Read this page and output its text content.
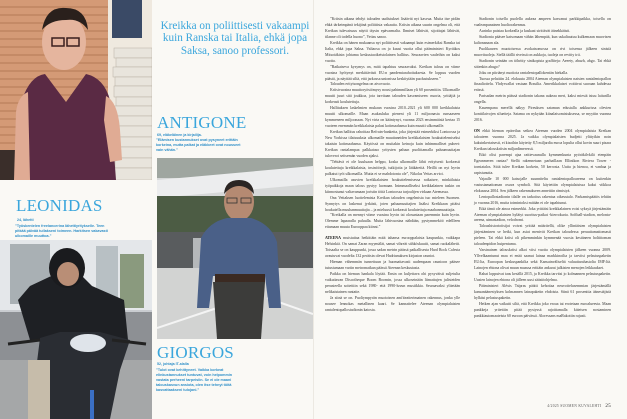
LEONIDAS
24, lähetti
”Työskentelen freelancerina lähettiyritykselle. Teen pitkää päivää tullakseni toimeen. Harkitsen vakavasti ulkomaille muuttoa.”
Kreikka on poliittisesti vakaampi kuin Ranska tai Italia, ehkä jopa Saksa, sanoo professori.
ANTIGONE
69, eläkeläinen ja kirjailija.
”Elämisen kustannukset ovat pysyneet erittäin korkeina, mutta palkat ja eläkkeet ovat nousseet vain vähän.”
GIORGOS
52, johtaja IT-alalla
”Tulot ovat kehittyneet. Vaikka korkeat elinkustannukset tuntuvat, voin helpommin vastata perheeni tarpeisiin. Se ei ole maani talouskasvun ansiota, olen itse tehnyt töitä kasvattaakseni tulojani.”

”Kriisin aikana tehdyt talouden uudistukset lisäävät nyt kasvua. Mutta itse pidän ehkä tärkeimpänä tekijänä poliittista vakautta. Kriisin aikana suurin ongelma oli, että Kreikan tulevaisuus näytti täysin epävarmalta. Ihmiset lähtivät, sijoittajat lähtivät, tilanne oli todella huono”, Vettas sanoo.

Kreikka on hänen mukaansa nyt poliittisesti vakaampi kuin esimerkiksi Ranska tai Italia, ehkä jopa Saksa. Valtaosa on jo kuusi vuotta ollut pääministeri Kyriákos Mitsotákisin johtama keskustaoikeistolainen hallitus. Seuraavien vaaleihin on kaksi vuotta.

”Ratkaiseva kysymys on, mitä tapahtuu seuraavaksi. Kreikan talous on viime vuosina hyötynyt merkittävästi EU:n pandemiarahoituksesta. Se loppuu vuoden päästä, ja näyttää siltä, että jarkossa unionissa keskitytään puolustukseen.”

Talouden erityisongelma on aivovuoto.

Kriisivuosina muuttoryöstömysy nousi pahimmillaan yli 60 prosenttiin. Ulkomaille muutti juuri sitä joukkoa, jota tarvitaan talouden kasvamiseen: nuoria, yrittäjiä ja korkeasti koulutettuja.

Hallituksen laskelmien mukaan vuosina 2010–2021 yli 600 000 kreikkalaista muutti ulkomaille. Maan asukasluku pieneni yli 11 miljoonasta runsaaseen kymmeneen miljoonaan. Nyt virta on kääntynyt, vuonna 2023 ensimmäistä kertaa 15 vuoteen enemmän kreikkalaisia palasi kotimaahansa kuin muutti ulkomaille.

Kreikan hallitus rahoittaa Refrain-hanketta, joka järjestää esimerkiksi Lontoossa ja New Yorkissa tilaisuuksia ulkomaille muuttaneiden kreikkalaisten houkuttelemiseksi takaisin kotimaahansa. Käytössä on muitakin keinoja kuin inhimmalliset puheet: Kreikan rantalampaa palkkataso yritysten paluun puolittamalla paluumuuttajan tuloverot seitsemän vuoden ajaksi.

”Tehtävä ei ole kuuluaan helppo, koska ulkomaille lähti erityisesti korkeasti koulutettuja kreikkalaisia, insinöörejä, tutkijoita ja lääkäreitä. Heillä on nyt hyvin palkatut työt ulkomailla. Mutta ei se mahdotonta ole”, Nikolas Vettas arvioi.

Ulkomailla asuvien kreikkalaisten houkuttelemisessa ratkaisee, minkälaisia työpaikkoja maan talous pystyy luomaan. Inimmaalliseksi kreikkalainen tuskin on kiinnostunut valtavamaan joristin töitä Lontoossa tarjoaltjen virkaan Ateenassa.

Ona Vettaksen luottelemista Kreikan talouden ongelmista tuo mieleen Suomen. Synnytys on laskenut jyrkästi, joten paluumuuttajien lisäksi Kreikkaan pitäisi houkutella muuhanmuuttajia – ja mieluusti korkeasti koulutettuja maahanmuuttajia.

”Kreikalla on mennyt viime vuosina hyvin tai olosuntaan paremmin kuin hyvin. Olemme lapaaralla paluulla. Mutta lähivuosina nähdään, pystymmeköö edellleen eitamaan muuta Eurooppaa kiinni.”

ATEENA muistuttaa hetkittäin mitä tahansa eurooppalaista kaupunkia, vaikkapa Helsinkiä. On samat Zaran myymälät, samat vihreät sähköskuutit, samat ruokalähetit. Toisaalta se on kauppunki, jossa sadan metrin päässä paikallisesta Hard Rock Cafesta avautuvat vuodelta 132 peräisin olevat Hadrianuksen kirjaston rauniot.

Hieman vähemmän tunnettuun ja huomattavasti uudempaan raunioon pääsee tutustumaan vartin metromatkan päässä Ateenan keskustasta.

Paikka on hieman hankala löytää. Ensin on kuljettava ohi pysyväisti suljetulta vaikuttavan Discotheque Boom Boomin, jossa ulkoseinään liimattujen julisteiden perusteella soitettiin sekä 1980- että 1990-luvun musiikkia. Seuraavaksi ylitetään nelikaistainen rantatie.

Ja siinä se on. Puoliympyrän muotoinen amfiteatterimainen rakennus, jonka ylle nousee lennokas metallinen kaari. Se kannattelee Ateenan olympialaisten rantalentopallostadionin katosta.

Stadionin toisella puolella aukeaa ampeen kasvanut parkkipaikka, toisella on vaaleanpunainen huoltorakennus.

Aurinko paistaa korkealla ja kaskaat sirittävät äänekkäästi.

Stadionia pääsee katsomaan vähän lähempää, kun uskaltautuu kulkemaan muovisen kaltonanaan ala.

Puolikaaren muotoisessa avokatsomossa on rivi toisensa jälkeen sinisiä muovituoleja. Siellä täällä riveissä on aukkoja, tuoleja on revitty irti.

Stadionin seinään on töhritty sinikopisia graffiteja: Aeeety, abuzh, abgo. Tai ehkä sittenkin abugo?

Joku on piirtänyt nuotiota rantalentopallokentän hiekalla.

Tuossa pelattiin 24. elokuuta 2004 Ateenan olympialaisten naisten rantalentopallon finaaliottelu. Yhdysvallat vastaan Brasilia. Amerikkalaiset voittivat suoraan kahdessa erässä.

Parisadan metrin päässä stadionin takana aukeaa meri, kaksi miestä istuu laiturilla ongella.

Kauempana merellä näkyy Pireuksen sataman edustalla ankkurissa olevien konttilaivojen siluetteja. Satama on nykyään kiinalaisomistuksessa, se myytiin vuonna 2016.

ON ehkä hieman epäreilua setkea Ateenan vuoden 2004 olympialaisia Kreikan talouteen vuonna 2025. Ja vaikka olympialaisten budjetti ylittyikin noin kaksinkertaisesti, ei kisoihin käytetty 8,5 miljardia euroa lopulta ollut kovin suuri pisara Kreikan talouskriisin miljardimeressä.

Eikö olisi parempi ajaa rattievaunulla kymmenkunta pyöräkilvkilä etenpäin Egeanmeren rantaa? Siellä rakennetaan parhaillaan Ellinikon Riviera Tower -torniatalos. Siitä tulee Kreikan korkein, 50 kerrosta. Uutta ja hienoa, ei vanhaa ja rapistunutta.

Vajaalle 10 000 katsojalle suunniteltu rantalentopalloareena on kuitenkin vastustamattoman osuva symboli. Sitä käytettiin olympialaisissa kaksi viikkoa elokuussa 2004. Sen jälkeen rakennukseen annettiin rämistyä.

Lentopallostadionin tilalle on tarkoitus rakentaa oikeustalo. Parkamispäätös tehtiin jo vuonna 2016, mutta toimintoksi mitään ei ole tapahtunut.

Eikä tämä ole ainoa esimerkki. Joka yrittäisi kreikkalainen voisi syksyä järjestämäin Ateenan olympialaisten hylätyt suoritus-paikat -kierrokuria. Softball-stadion, melonta-areena, uimastadion, velodromi.

Taloushistorioitsijat voivat yrittää määritellä, olike yllintäisten olympialaisten järjestäminen se hetki, kun asiat menivät Kreikan taloudessa peruuttamattomasti pieleen. Tai ehkä kriisi oli pikemminkin kymmenää vuosia kestäneen holtittoman taloudenpidon huipentuma.

Varsinainen talouskriisi alkoi viisi vuotta olympialaisten jälkeen vuonna 2009. Yllvelkaantunut maa ei enää saanut lainaa markkinoilta ja tarvitsi pelastuspaketin EU:lta, Euroopan keskuspankilta sekä Kansainväliseltä valuuttarahastolta IMF:ltä. Lainojen ehtona olivat muun muassa erittäin ankarat julkisten menojen leikkaukset.

Rahat loppuivat taas kesällä 2015, ja Kreikka tarvitsi jo kolmannen pelastuspaketin. Uusien lainojen ehtona oli jälleen uusi säästöohjelma.

Pääministeri Aléxis Tsípras päätti kehottaa neuvottelusemmian järjestämällä kansanäänestyksen kolmannen lainapaketin ehdoista. Siinä 61 prosenttia äänestäjistä hylkäsi pelastuspaketin.

Hetken ajan vaikutti siltä, että Kreikka joko eroaa tai erotetaan euroalueesta. Maan pankkeja yritettiin pitää pystyssä rajoittamalla käteisen nostaminen pankkiautomaateista 60 euroon päivässä. Aloressans maRakottin rajusti.

4/2025 SUOMEN KUVALEHTI 25
